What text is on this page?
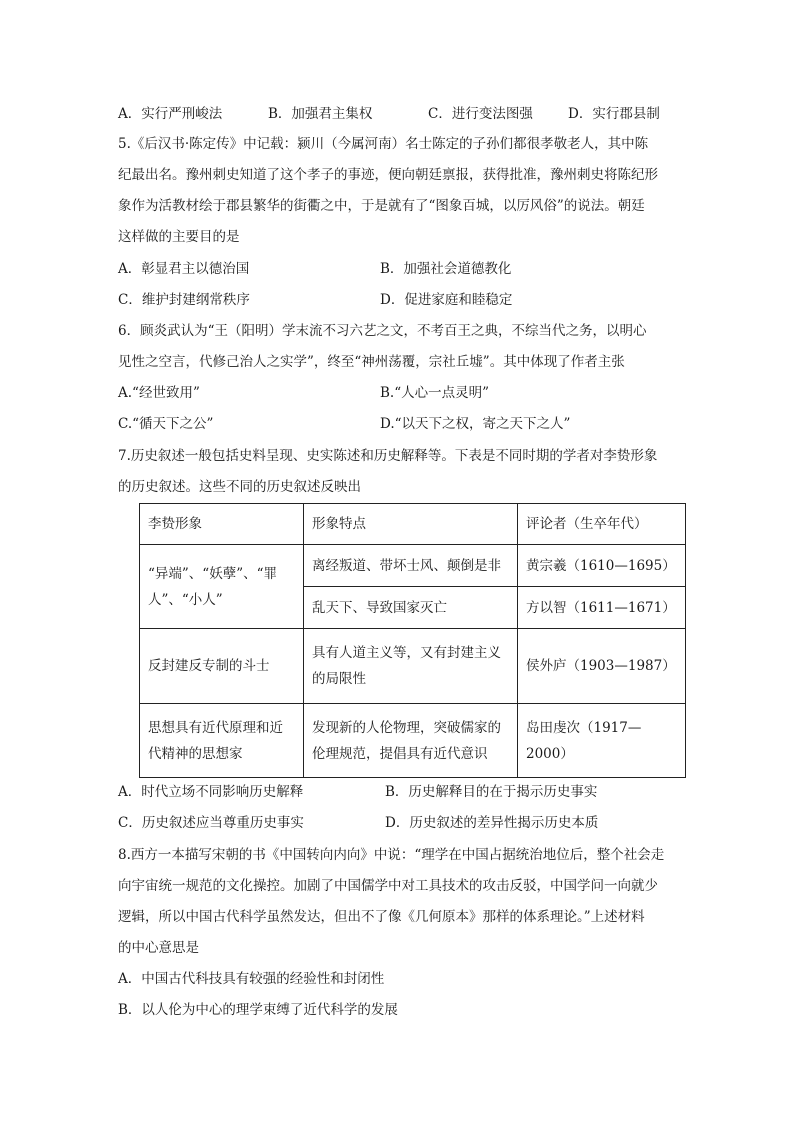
A．实行严刑峻法	B．加强君主集权	C．进行变法图强	D．实行郡县制
5.《后汉书·陈定传》中记载：颍川（今属河南）名士陈定的子孙们都很孝敬老人，其中陈
纪最出名。豫州刺史知道了这个孝子的事迹，便向朝廷禀报，获得批准，豫州刺史将陈纪形
象作为活教材绘于郡县繁华的街衢之中，于是就有了“图象百城，以厉风俗”的说法。朝廷
这样做的主要目的是
A．彰显君主以德治国	B．加强社会道德教化
C．维护封建纲常秩序	D．促进家庭和睦稳定
6．顾炎武认为“王（阳明）学末流不习六艺之文，不考百王之典，不综当代之务，以明心
见性之空言，代修己治人之实学”，终至“神州荡覆，宗社丘墟”。其中体现了作者主张
A.“经世致用”	B.“人心一点灵明”
C.“循天下之公”	D.“以天下之权，寄之天下之人”
7.历史叙述一般包括史料呈现、史实陈述和历史解释等。下表是不同时期的学者对李贽形象
的历史叙述。这些不同的历史叙述反映出
李贽形象	形象特点	评论者（生卒年代）
“异端”、“妖孽”、“罪人”、“小人”	离经叛道、带坏士风、颠倒是非	黄宗羲（1610—1695）
	乱天下、导致国家灭亡	方以智（1611—1671）
反封建反专制的斗士	具有人道主义等，又有封建主义的局限性	侯外庐（1903—1987）
思想具有近代原理和近代精神的思想家	发现新的人伦物理，突破儒家的伦理规范，提倡具有近代意识	岛田虔次（1917—2000）
A．时代立场不同影响历史解释	B．历史解释目的在于揭示历史事实
C．历史叙述应当尊重历史事实	D．历史叙述的差异性揭示历史本质
8.西方一本描写宋朝的书《中国转向内向》中说：“理学在中国占据统治地位后，整个社会走
向宇宙统一规范的文化操控。加剧了中国儒学中对工具技术的攻击反驳，中国学问一向就少
逻辑，所以中国古代科学虽然发达，但出不了像《几何原本》那样的体系理论。”上述材料
的中心意思是
A．中国古代科技具有较强的经验性和封闭性
B．以人伦为中心的理学束缚了近代科学的发展
